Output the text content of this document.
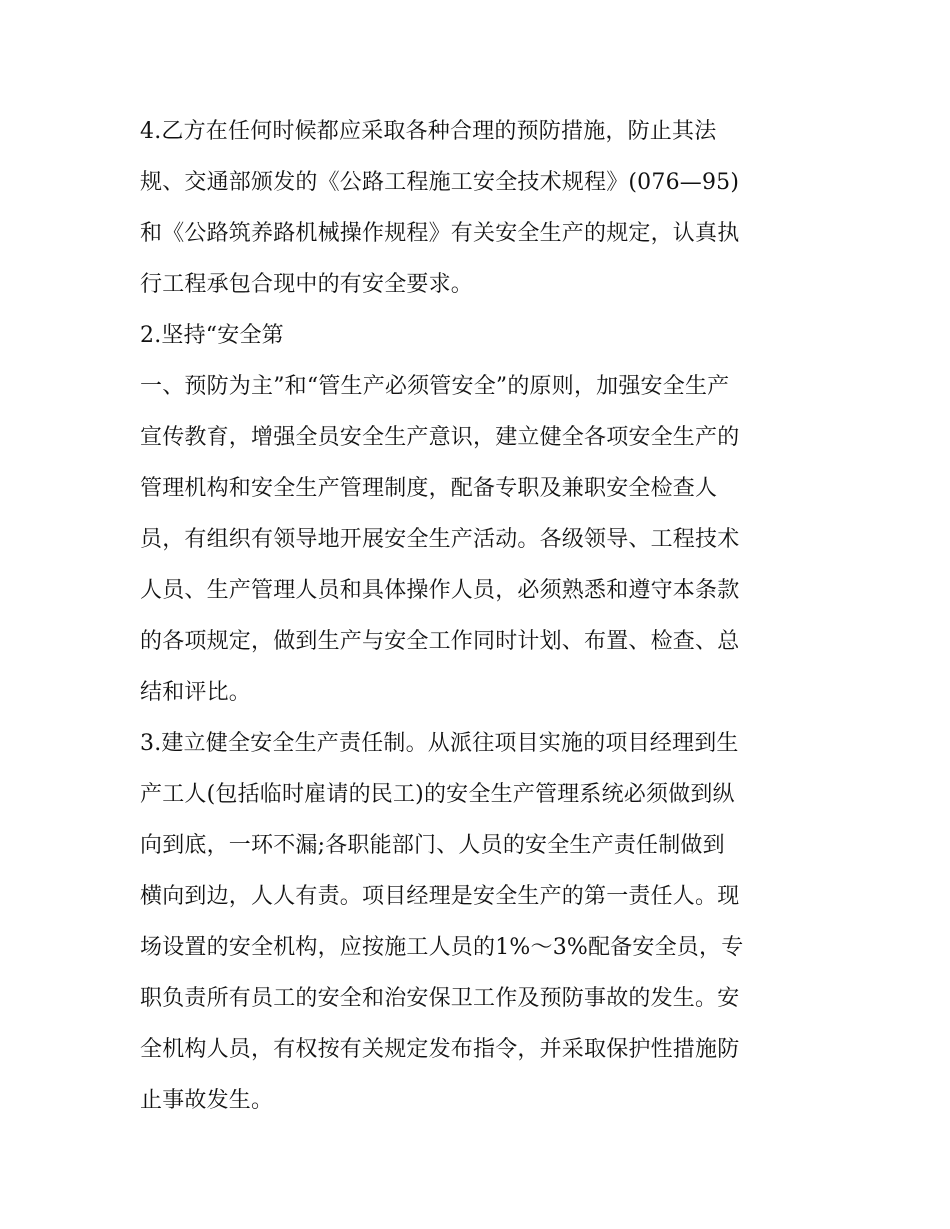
4.乙方在任何时候都应采取各种合理的预防措施，防止其法
规、交通部颁发的《公路工程施工安全技术规程》(076—95)
和《公路筑养路机械操作规程》有关安全生产的规定，认真执
行工程承包合现中的有安全要求。
2.坚持“安全第
一、预防为主”和“管生产必须管安全”的原则，加强安全生产
宣传教育，增强全员安全生产意识，建立健全各项安全生产的
管理机构和安全生产管理制度，配备专职及兼职安全检查人
员，有组织有领导地开展安全生产活动。各级领导、工程技术
人员、生产管理人员和具体操作人员，必须熟悉和遵守本条款
的各项规定，做到生产与安全工作同时计划、布置、检查、总
结和评比。
3.建立健全安全生产责任制。从派往项目实施的项目经理到生
产工人(包括临时雇请的民工)的安全生产管理系统必须做到纵
向到底，一环不漏;各职能部门、人员的安全生产责任制做到
横向到边，人人有责。项目经理是安全生产的第一责任人。现
场设置的安全机构，应按施工人员的1%～3%配备安全员，专
职负责所有员工的安全和治安保卫工作及预防事故的发生。安
全机构人员，有权按有关规定发布指令，并采取保护性措施防
止事故发生。
